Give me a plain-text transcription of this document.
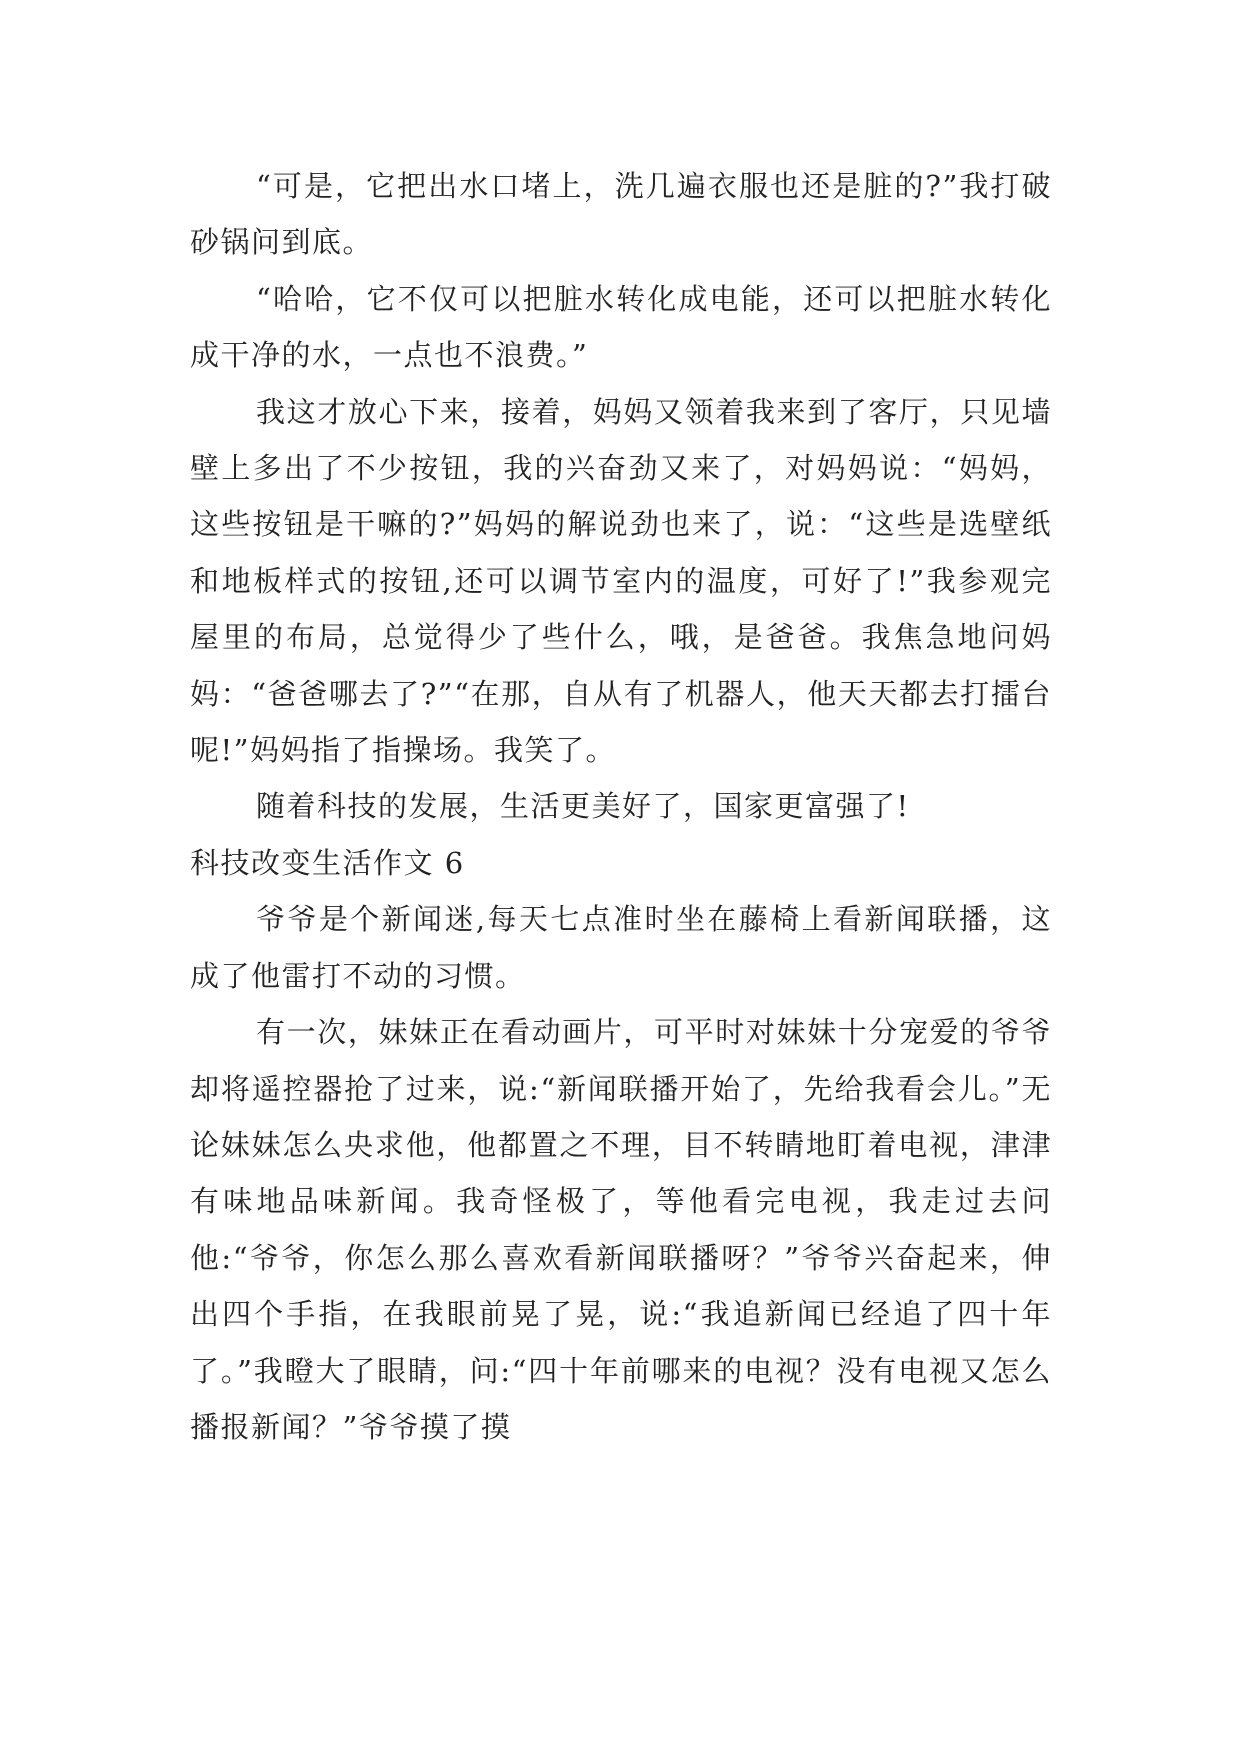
“可是，它把出水口堵上，洗几遍衣服也还是脏的?”我打破砂锅问到底。

“哈哈，它不仅可以把脏水转化成电能，还可以把脏水转化成干净的水，一点也不浪费。”

我这才放心下来，接着，妈妈又领着我来到了客厅，只见墙壁上多出了不少按钮，我的兴奋劲又来了，对妈妈说：“妈妈，这些按钮是干嘛的?”妈妈的解说劲也来了，说：“这些是选壁纸和地板样式的按钮,还可以调节室内的温度，可好了!”我参观完屋里的布局，总觉得少了些什么，哦，是爸爸。我焦急地问妈妈：“爸爸哪去了?”“在那，自从有了机器人，他天天都去打擂台呢!”妈妈指了指操场。我笑了。

随着科技的发展，生活更美好了，国家更富强了!

科技改变生活作文 6

爷爷是个新闻迷,每天七点准时坐在藤椅上看新闻联播，这成了他雷打不动的习惯。

有一次，妹妹正在看动画片，可平时对妹妹十分宠爱的爷爷却将遥控器抢了过来，说:“新闻联播开始了，先给我看会儿。”无论妹妹怎么央求他，他都置之不理，目不转睛地盯着电视，津津有味地品味新闻。我奇怪极了，等他看完电视，我走过去问他:“爷爷，你怎么那么喜欢看新闻联播呀？”爷爷兴奋起来，伸出四个手指，在我眼前晃了晃，说:“我追新闻已经追了四十年了。”我瞪大了眼睛，问:“四十年前哪来的电视？没有电视又怎么播报新闻？”爷爷摸了摸
